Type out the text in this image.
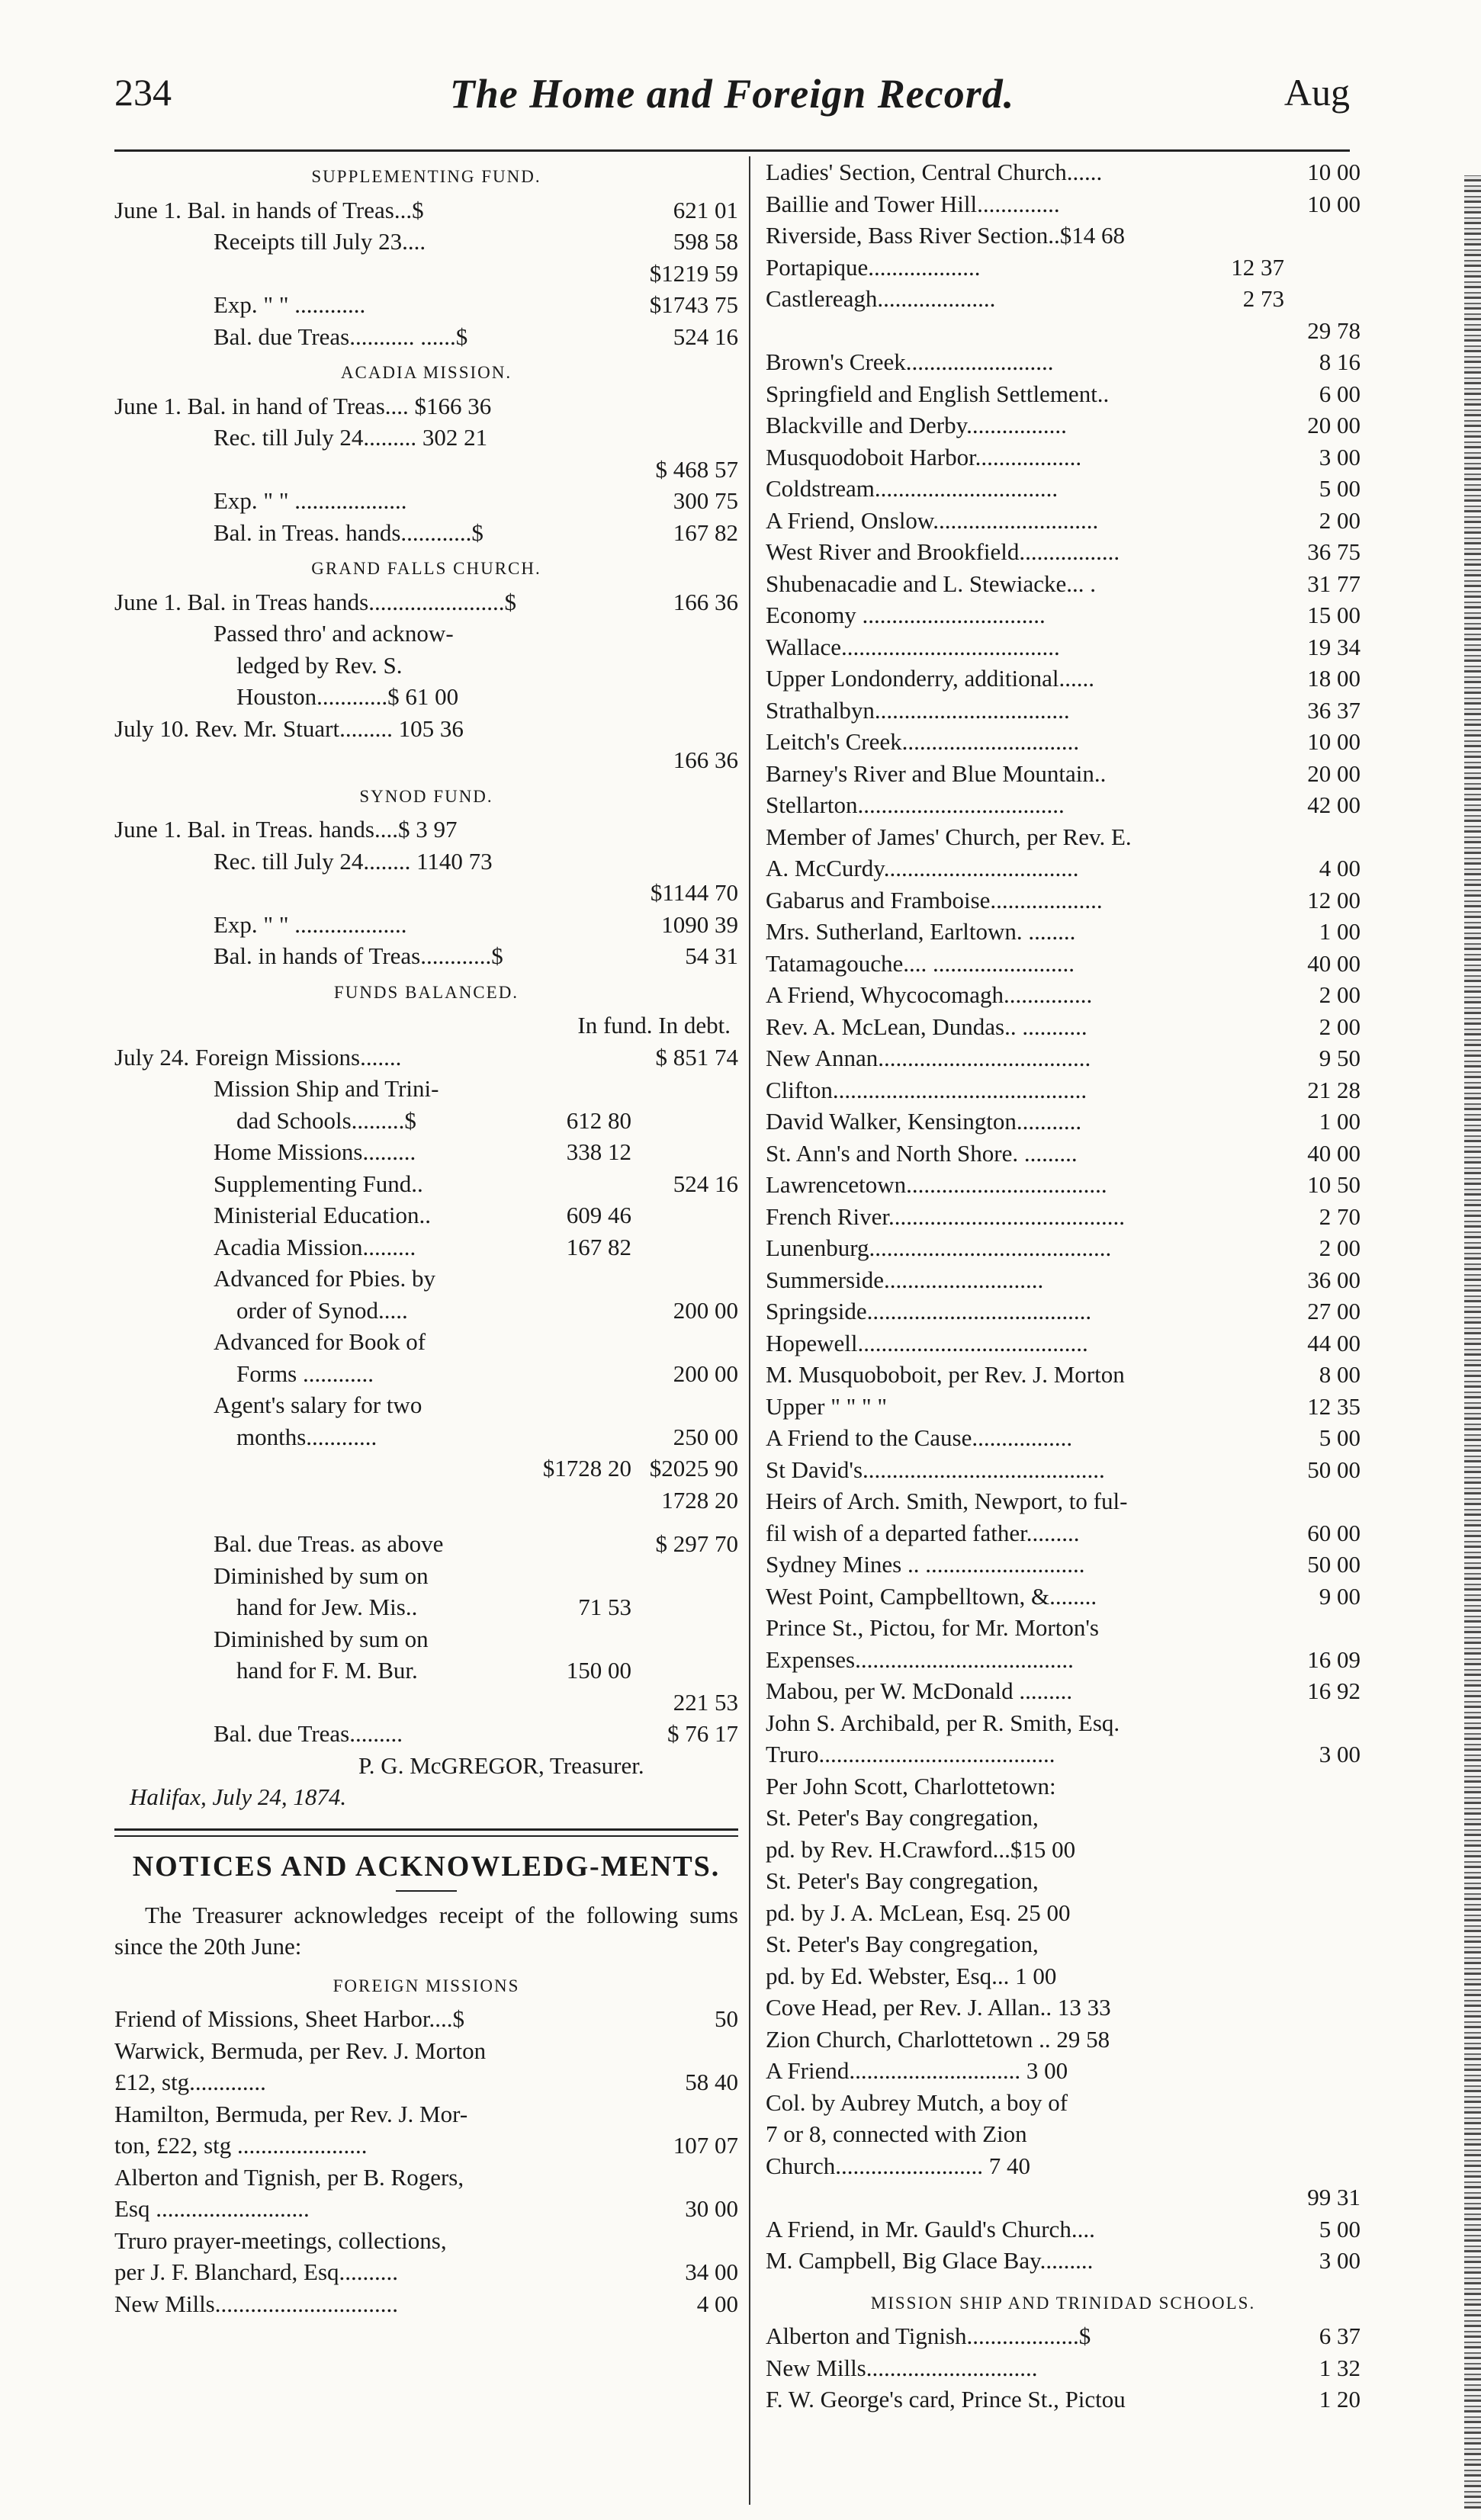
234	The Home and Foreign Record.	Aug
SUPPLEMENTING FUND.
June 1. Bal. in hands of Treas...$	621 01
Receipts till July 23....	598 58
$1219 59
Exp. " " ............	$1743 75
Bal. due Treas........... ......$	524 16
ACADIA MISSION.
June 1. Bal. in hand of Treas.... $166 36
Rec. till July 24......... 302 21
$ 468 57
Exp. " " ...................	300 75
Bal. in Treas. hands............$	167 82
GRAND FALLS CHURCH.
June 1. Bal. in Treas hands.......................$	166 36
Passed thro' and acknow-
ledged by Rev. S.
Houston............$ 61 00
July 10. Rev. Mr. Stuart......... 105 36
166 36
SYNOD FUND.
June 1. Bal. in Treas. hands....$ 3 97
Rec. till July 24........ 1140 73
$1144 70
Exp. " " ...................	1090 39
Bal. in hands of Treas............$	54 31
FUNDS BALANCED.
In fund. In debt.
July 24. Foreign Missions.......	$ 851 74
Mission Ship and Trini-
dad Schools.........$	612 80
Home Missions.........	338 12
Supplementing Fund..	524 16
Ministerial Education..	609 46
Acadia Mission.........	167 82
Advanced for Pbies. by
order of Synod.....	200 00
Advanced for Book of
Forms ............	200 00
Agent's salary for two
months............	250 00
$1728 20 $2025 90
1728 20
Bal. due Treas. as above	$ 297 70
Diminished by sum on
hand for Jew. Mis..	71 53
Diminished by sum on
hand for F. M. Bur.	150 00
221 53
Bal. due Treas.........	$ 76 17
P. G. McGREGOR, Treasurer.
Halifax, July 24, 1874.
NOTICES AND ACKNOWLEDG-MENTS.
The Treasurer acknowledges receipt of the following sums since the 20th June:
FOREIGN MISSIONS
Friend of Missions, Sheet Harbor....$	50
Warwick, Bermuda, per Rev. J. Morton
£12, stg.............	58 40
Hamilton, Bermuda, per Rev. J. Mor-
ton, £22, stg ......................	107 07
Alberton and Tignish, per B. Rogers,
Esq ..........................	30 00
Truro prayer-meetings, collections,
per J. F. Blanchard, Esq..........	34 00
New Mills...............................	4 00
Ladies' Section, Central Church......	10 00
Baillie and Tower Hill..............	10 00
Riverside, Bass River Section..$14 68
Portapique...................	12 37
Castlereagh....................	2 73
29 78
Brown's Creek.........................	8 16
Springfield and English Settlement..	6 00
Blackville and Derby.................	20 00
Musquodoboit Harbor..................	3 00
Coldstream...............................	5 00
A Friend, Onslow............................	2 00
West River and Brookfield.................	36 75
Shubenacadie and L. Stewiacke... .	31 77
Economy ...............................	15 00
Wallace.....................................	19 34
Upper Londonderry, additional......	18 00
Strathalbyn.................................	36 37
Leitch's Creek..............................	10 00
Barney's River and Blue Mountain..	20 00
Stellarton...................................	42 00
Member of James' Church, per Rev. E.
A. McCurdy.................................	4 00
Gabarus and Framboise...................	12 00
Mrs. Sutherland, Earltown. ........	1 00
Tatamagouche.... ........................	40 00
A Friend, Whycocomagh...............	2 00
Rev. A. McLean, Dundas.. ...........	2 00
New Annan....................................	9 50
Clifton...........................................	21 28
David Walker, Kensington...........	1 00
St. Ann's and North Shore. .........	40 00
Lawrencetown..................................	10 50
French River........................................	2 70
Lunenburg.........................................	2 00
Summerside...........................	36 00
Springside......................................	27 00
Hopewell.......................................	44 00
M. Musquoboboit, per Rev. J. Morton	8 00
Upper " " " "	12 35
A Friend to the Cause.................	5 00
St David's.........................................	50 00
Heirs of Arch. Smith, Newport, to ful-
fil wish of a departed father.........	60 00
Sydney Mines .. ...........................	50 00
West Point, Campbelltown, &........	9 00
Prince St., Pictou, for Mr. Morton's
Expenses.....................................	16 09
Mabou, per W. McDonald .........	16 92
John S. Archibald, per R. Smith, Esq.
Truro........................................	3 00
Per John Scott, Charlottetown:
St. Peter's Bay congregation,
pd. by Rev. H.Crawford...$15 00
St. Peter's Bay congregation,
pd. by J. A. McLean, Esq. 25 00
St. Peter's Bay congregation,
pd. by Ed. Webster, Esq... 1 00
Cove Head, per Rev. J. Allan.. 13 33
Zion Church, Charlottetown .. 29 58
A Friend............................. 3 00
Col. by Aubrey Mutch, a boy of
7 or 8, connected with Zion
Church......................... 7 40
99 31
A Friend, in Mr. Gauld's Church....	5 00
M. Campbell, Big Glace Bay.........	3 00
MISSION SHIP AND TRINIDAD SCHOOLS.
Alberton and Tignish...................$	6 37
New Mills.............................	1 32
F. W. George's card, Prince St., Pictou	1 20
